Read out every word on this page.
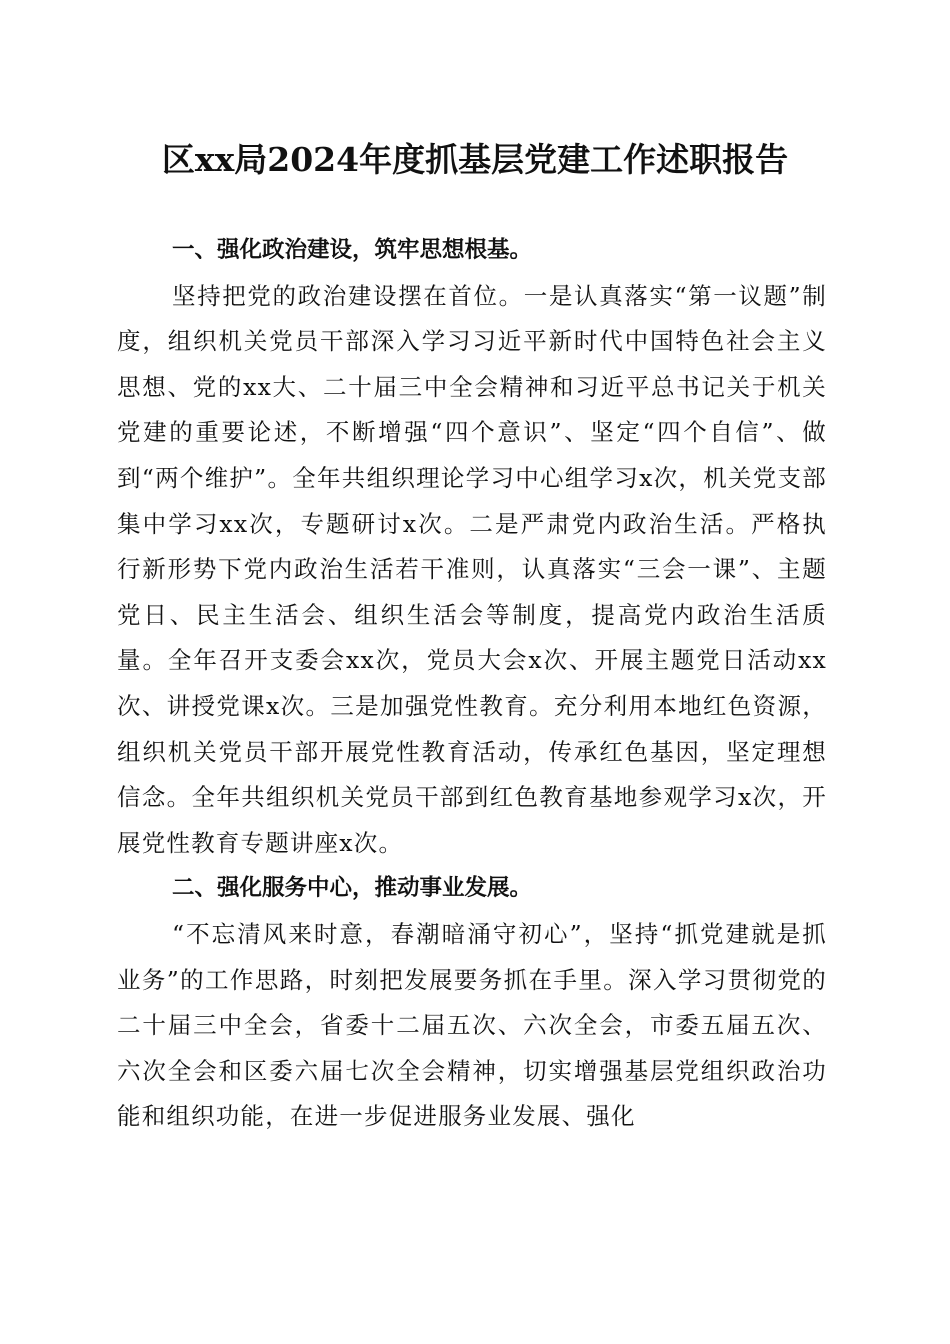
区xx局2024年度抓基层党建工作述职报告

一、强化政治建设，筑牢思想根基。

坚持把党的政治建设摆在首位。一是认真落实“第一议题”制度，组织机关党员干部深入学习习近平新时代中国特色社会主义思想、党的xx大、二十届三中全会精神和习近平总书记关于机关党建的重要论述，不断增强“四个意识”、坚定“四个自信”、做到“两个维护”。全年共组织理论学习中心组学习x次，机关党支部集中学习xx次，专题研讨x次。二是严肃党内政治生活。严格执行新形势下党内政治生活若干准则，认真落实“三会一课”、主题党日、民主生活会、组织生活会等制度，提高党内政治生活质量。全年召开支委会xx次，党员大会x次、开展主题党日活动xx次、讲授党课x次。三是加强党性教育。充分利用本地红色资源，组织机关党员干部开展党性教育活动，传承红色基因，坚定理想信念。全年共组织机关党员干部到红色教育基地参观学习x次，开展党性教育专题讲座x次。

二、强化服务中心，推动事业发展。

“不忘清风来时意，春潮暗涌守初心”，坚持“抓党建就是抓业务”的工作思路，时刻把发展要务抓在手里。深入学习贯彻党的二十届三中全会，省委十二届五次、六次全会，市委五届五次、六次全会和区委六届七次全会精神，切实增强基层党组织政治功能和组织功能，在进一步促进服务业发展、强化
